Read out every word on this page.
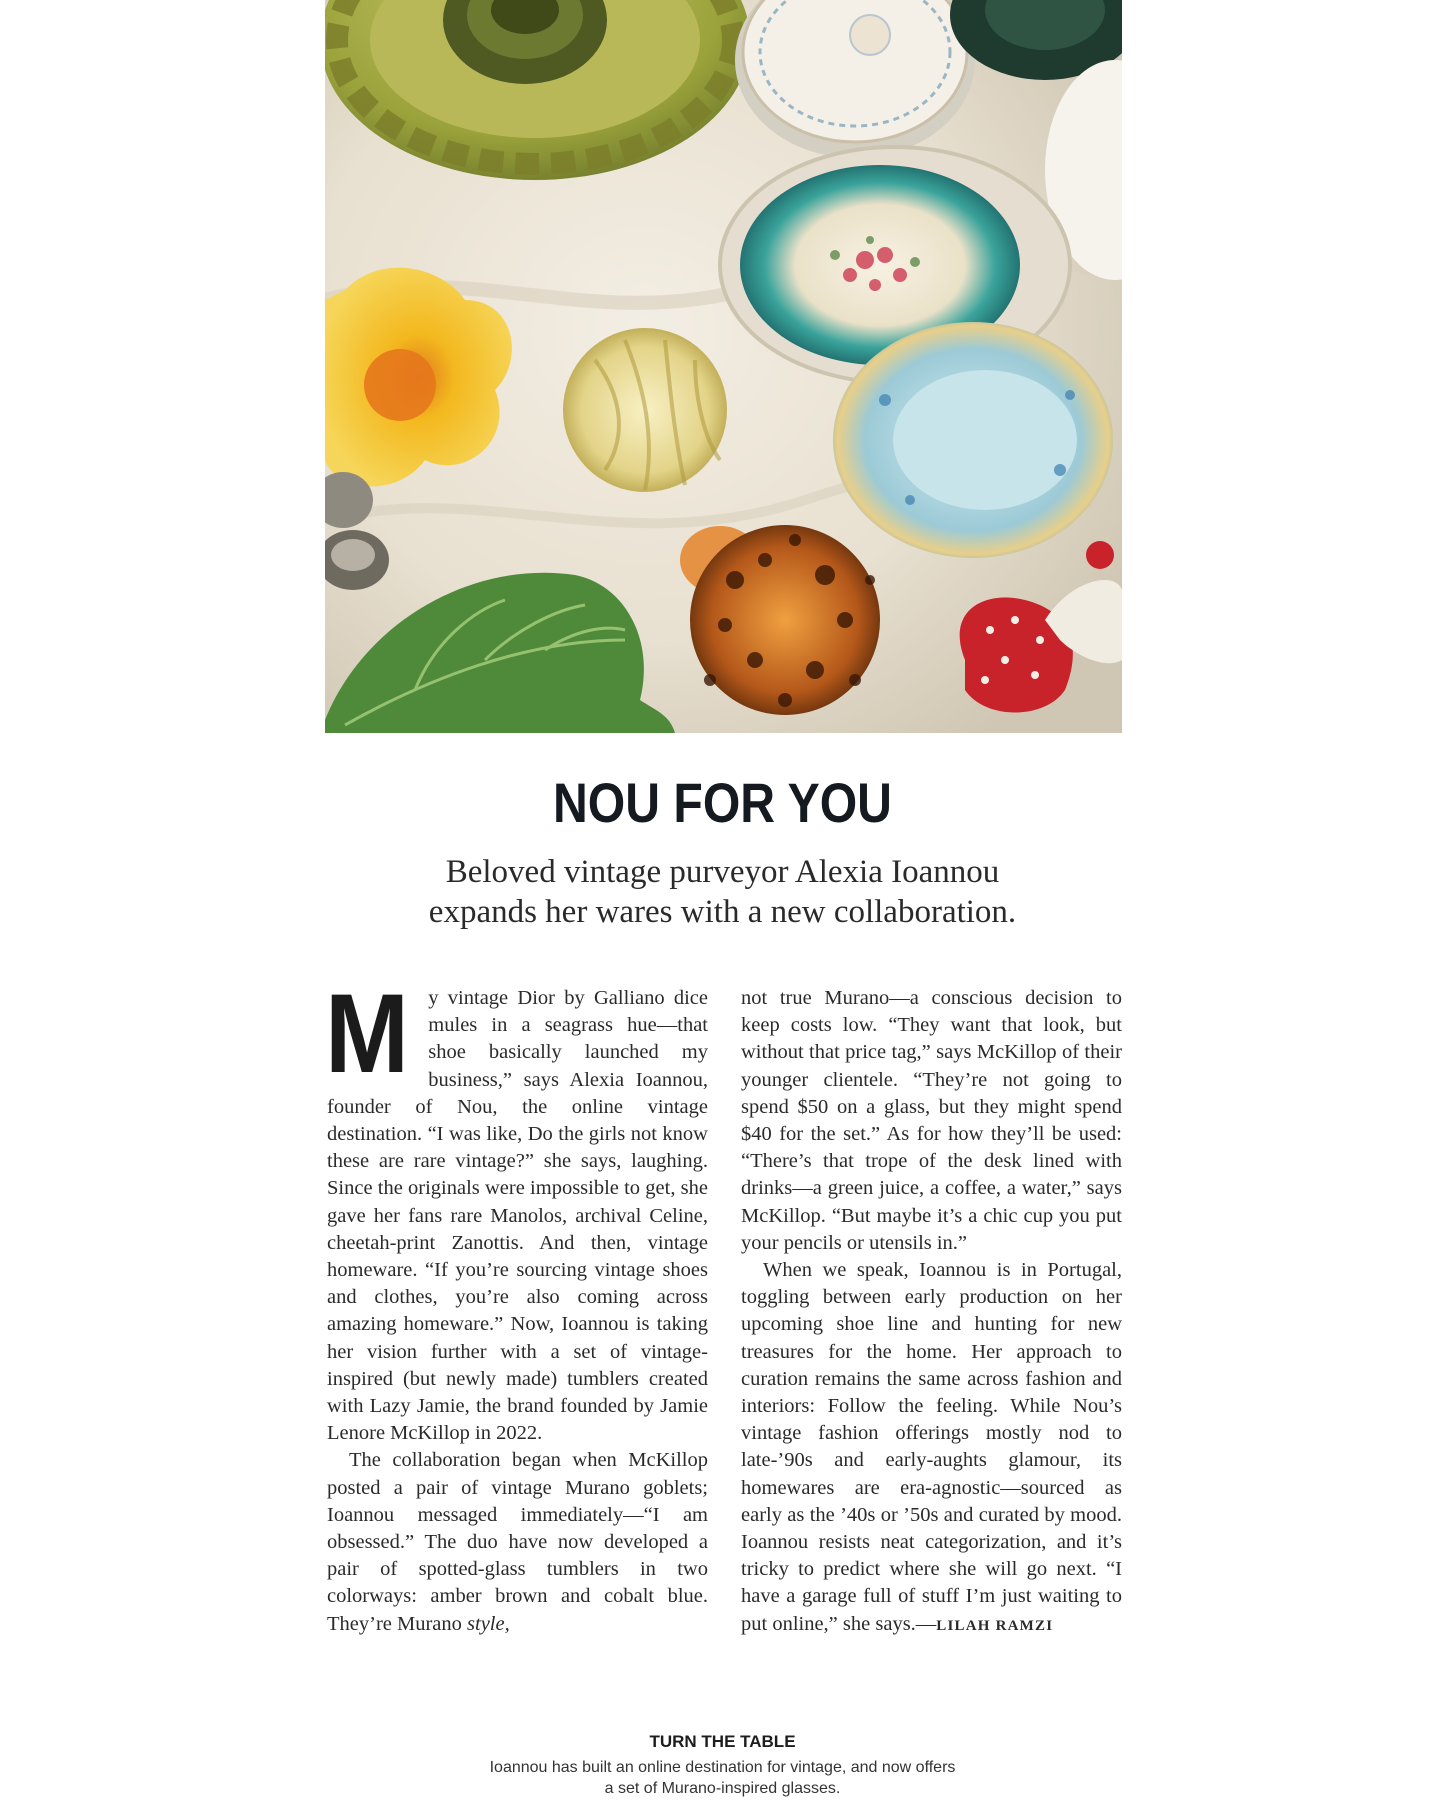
NOU FOR YOU

Beloved vintage purveyor Alexia Ioannou
expands her wares with a new collaboration.

My vintage Dior by Galliano dice mules in a seagrass hue—that shoe basically launched my business,” says Alexia Ioannou, founder of Nou, the online vintage destination. “I was like, Do the girls not know these are rare vintage?” she says, laughing. Since the originals were impossible to get, she gave her fans rare Manolos, archival Celine, cheetah-print Zanottis. And then, vintage homeware. “If you’re sourcing vintage shoes and clothes, you’re also coming across amazing homeware.” Now, Ioannou is taking her vision further with a set of vintage-inspired (but newly made) tumblers created with Lazy Jamie, the brand founded by Jamie Lenore McKillop in 2022.

The collaboration began when McKillop posted a pair of vintage Murano goblets; Ioannou messaged immediately—“I am obsessed.” The duo have now developed a pair of spotted-glass tumblers in two colorways: amber brown and cobalt blue. They’re Murano style,

not true Murano—a conscious decision to keep costs low. “They want that look, but without that price tag,” says McKillop of their younger clientele. “They’re not going to spend $50 on a glass, but they might spend $40 for the set.” As for how they’ll be used: “There’s that trope of the desk lined with drinks—a green juice, a coffee, a water,” says McKillop. “But maybe it’s a chic cup you put your pencils or utensils in.”

When we speak, Ioannou is in Portugal, toggling between early production on her upcoming shoe line and hunting for new treasures for the home. Her approach to curation remains the same across fashion and interiors: Follow the feeling. While Nou’s vintage fashion offerings mostly nod to late-’90s and early-aughts glamour, its homewares are era-agnostic—sourced as early as the ’40s or ’50s and curated by mood. Ioannou resists neat categorization, and it’s tricky to predict where she will go next. “I have a garage full of stuff I’m just waiting to put online,” she says.—LILAH RAMZI

TURN THE TABLE

Ioannou has built an online destination for vintage, and now offers
a set of Murano-inspired glasses.
